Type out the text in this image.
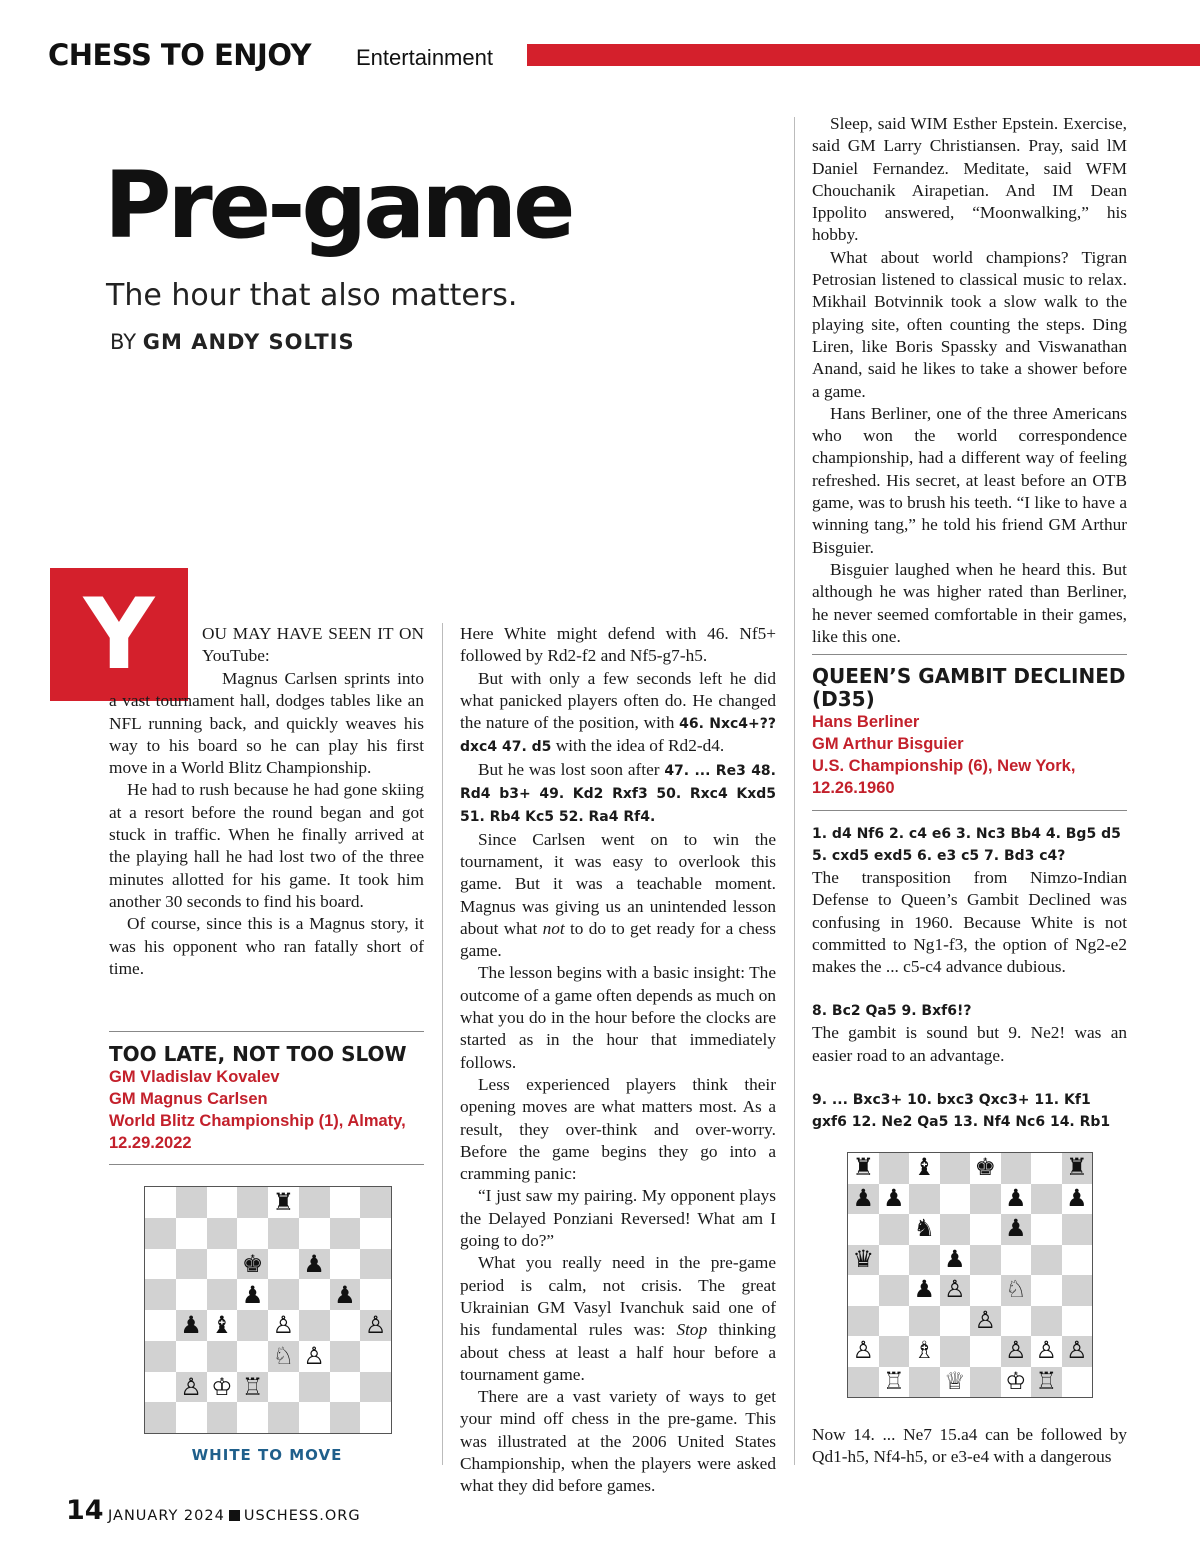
CHESS TO ENJOY Entertainment
Pre-game
The hour that also matters.
BY GM ANDY SOLTIS
Y	OU MAY HAVE SEEN IT ON YouTube:

Magnus Carlsen sprints into a vast tournament hall, dodges tables like an NFL running back, and quickly weaves his way to his board so he can play his first move in a World Blitz Championship.

He had to rush because he had gone skiing at a resort before the round began and got stuck in traffic. When he finally arrived at the playing hall he had lost two of the three minutes allotted for his game. It took him another 30 seconds to find his board.

Of course, since this is a Magnus story, it was his opponent who ran fatally short of time.

TOO LATE, NOT TOO SLOW
GM Vladislav Kovalev
GM Magnus Carlsen
World Blitz Championship (1), Almaty,
12.29.2022
♜
♚ ♟
♟	♟
♟ ♝ ♙	♙
♘ ♙
♙ ♔ ♖
WHITE TO MOVE

Here White might defend with 46. Nf5+ followed by Rd2-f2 and Nf5-g7-h5.

But with only a few seconds left he did what panicked players often do. He changed the nature of the position, with 46. Nxc4+?? dxc4 47. d5 with the idea of Rd2-d4.

But he was lost soon after 47. ... Re3 48. Rd4 b3+ 49. Kd2 Rxf3 50. Rxc4 Kxd5 51. Rb4 Kc5 52. Ra4 Rf4.

Since Carlsen went on to win the tournament, it was easy to overlook this game. But it was a teachable moment. Magnus was giving us an unintended lesson about what not to do to get ready for a chess game.

The lesson begins with a basic insight: The outcome of a game often depends as much on what you do in the hour before the clocks are started as in the hour that immediately follows.

Less experienced players think their opening moves are what matters most. As a result, they over-think and over-worry. Before the game begins they go into a cramming panic:

“I just saw my pairing. My opponent plays the Delayed Ponziani Reversed! What am I going to do?”

What you really need in the pre-game period is calm, not crisis. The great Ukrainian GM Vasyl Ivanchuk said one of his fundamental rules was: Stop thinking about chess at least a half hour before a tournament game.

There are a vast variety of ways to get your mind off chess in the pre-game. This was illustrated at the 2006 United States Championship, when the players were asked what they did before games.

Sleep, said WIM Esther Epstein. Exercise, said GM Larry Christiansen. Pray, said lM Daniel Fernandez. Meditate, said WFM Chouchanik Airapetian. And IM Dean Ippolito answered, “Moonwalking,” his hobby.

What about world champions? Tigran Petrosian listened to classical music to relax. Mikhail Botvinnik took a slow walk to the playing site, often counting the steps. Ding Liren, like Boris Spassky and Viswanathan Anand, said he likes to take a shower before a game.

Hans Berliner, one of the three Americans who won the world correspondence championship, had a different way of feeling refreshed. His secret, at least before an OTB game, was to brush his teeth. “I like to have a winning tang,” he told his friend GM Arthur Bisguier.

Bisguier laughed when he heard this. But although he was higher rated than Berliner, he never seemed comfortable in their games, like this one.

QUEEN’S GAMBIT DECLINED
(D35)
Hans Berliner
GM Arthur Bisguier
U.S. Championship (6), New York,
12.26.1960
1. d4 Nf6 2. c4 e6 3. Nc3 Bb4 4. Bg5 d5 5. cxd5 exd5 6. e3 c5 7. Bd3 c4?

The transposition from Nimzo-Indian Defense to Queen’s Gambit Declined was confusing in 1960. Because White is not committed to Ng1-f3, the option of Ng2-e2 makes the ... c5-c4 advance dubious.

8. Bc2 Qa5 9. Bxf6!?

The gambit is sound but 9. Ne2! was an easier road to an advantage.

9. ... Bxc3+ 10. bxc3 Qxc3+ 11. Kf1 gxf6 12. Ne2 Qa5 13. Nf4 Nc6 14. Rb1
♜ ♝ ♚	♜
♟ ♟	♟ ♟
♞	♟
♛	♟
♟ ♙ ♘
♙
♙ ♗	♙ ♙ ♙
♖ ♕ ♔ ♖

Now 14. ... Ne7 15.a4 can be followed by Qd1-h5, Nf4-h5, or e3-e4 with a dangerous

14 JANUARY 2024 USCHESS.ORG
